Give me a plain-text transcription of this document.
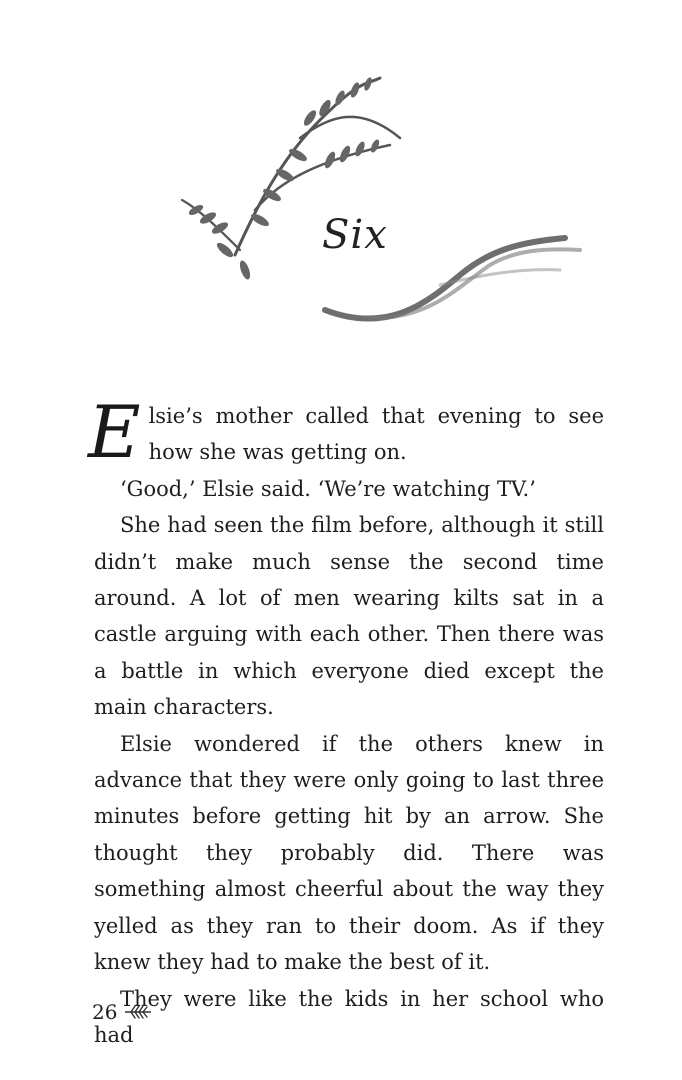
Six

Elsie’s mother called that evening to see how she was getting on.

‘Good,’ Elsie said. ‘We’re watching TV.’

She had seen the film before, although it still didn’t make much sense the second time around. A lot of men wearing kilts sat in a castle arguing with each other. Then there was a battle in which everyone died except the main characters.

Elsie wondered if the others knew in advance that they were only going to last three minutes before getting hit by an arrow. She thought they probably did. There was something almost cheerful about the way they yelled as they ran to their doom. As if they knew they had to make the best of it.

They were like the kids in her school who had

26
